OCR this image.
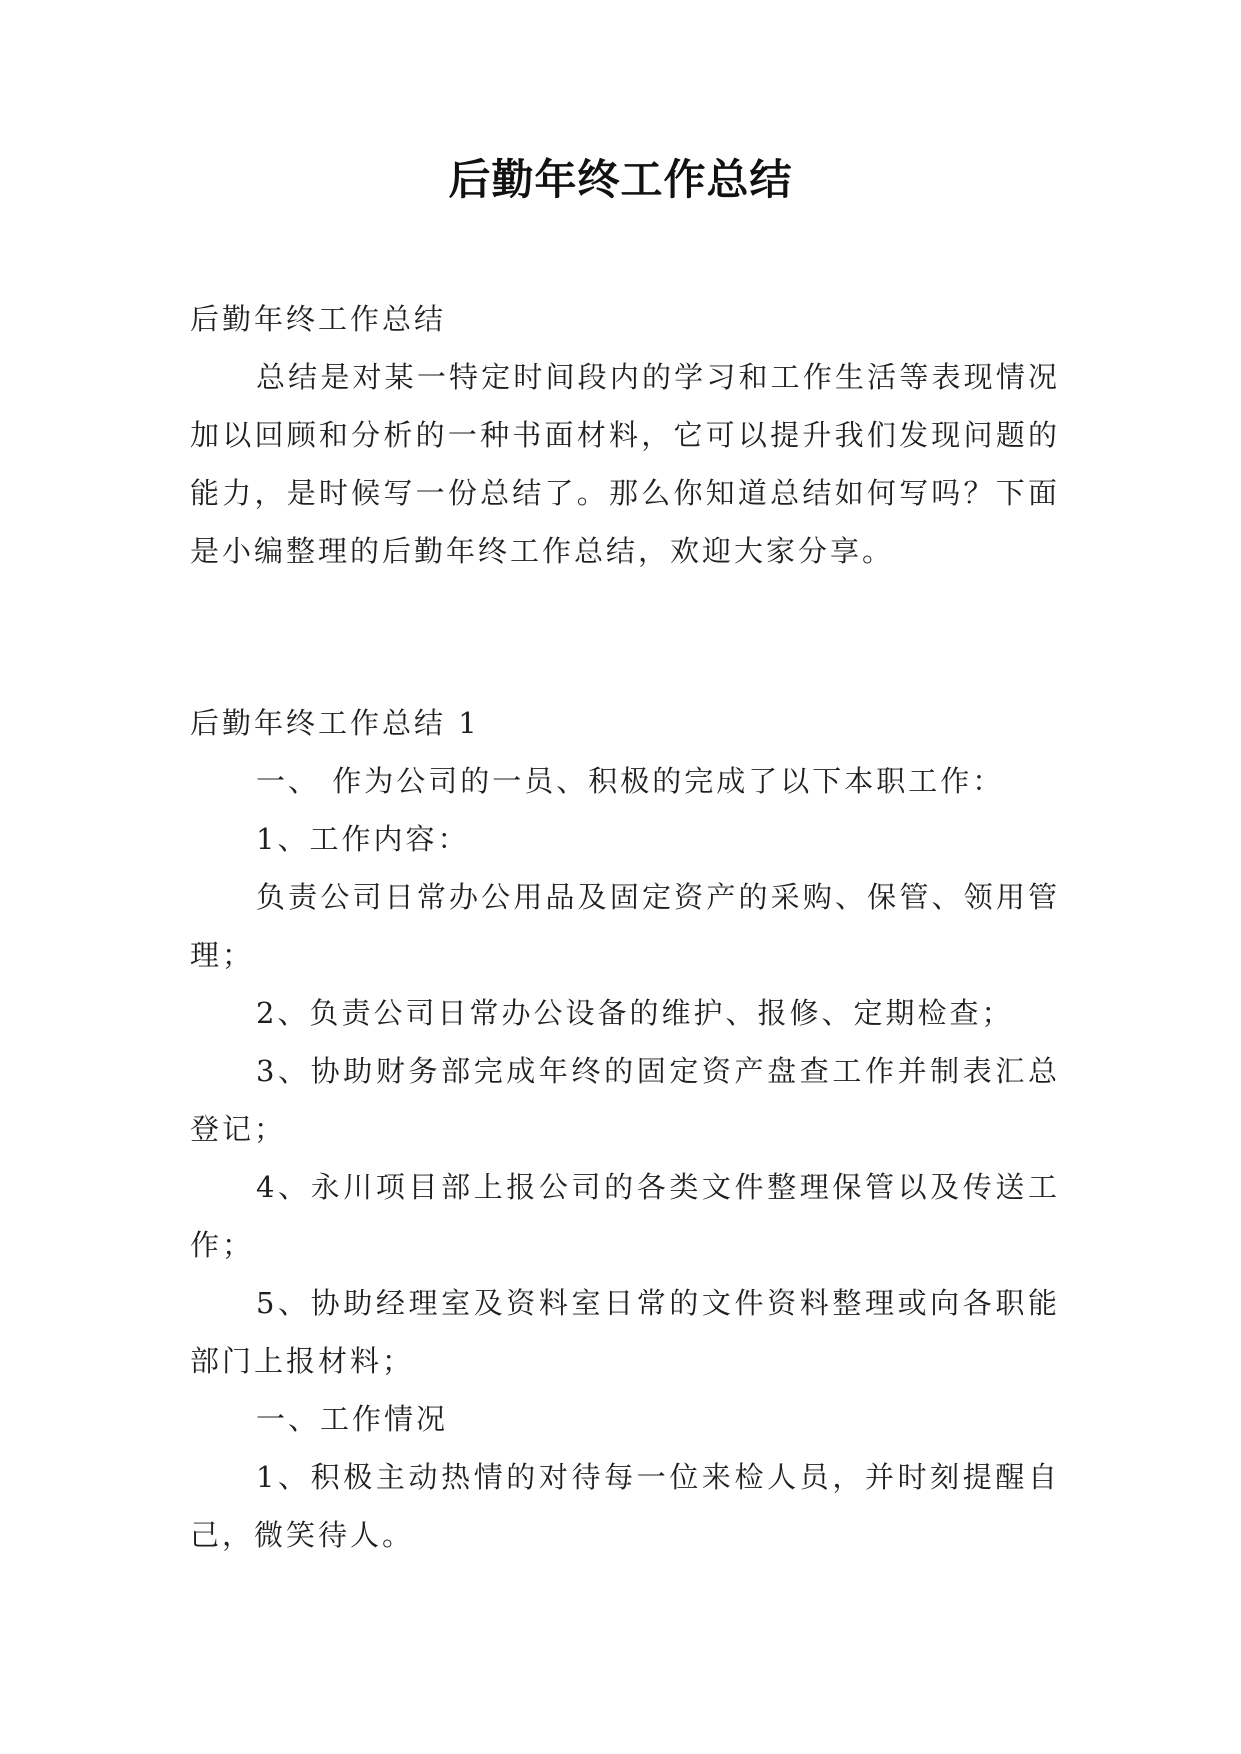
后勤年终工作总结

后勤年终工作总结

总结是对某一特定时间段内的学习和工作生活等表现情况加以回顾和分析的一种书面材料，它可以提升我们发现问题的能力，是时候写一份总结了。那么你知道总结如何写吗？下面是小编整理的后勤年终工作总结，欢迎大家分享。

后勤年终工作总结 1

一、 作为公司的一员、积极的完成了以下本职工作：

1、工作内容：

负责公司日常办公用品及固定资产的采购、保管、领用管理；

2、负责公司日常办公设备的维护、报修、定期检查；

3、协助财务部完成年终的固定资产盘查工作并制表汇总登记；

4、永川项目部上报公司的各类文件整理保管以及传送工作；

5、协助经理室及资料室日常的文件资料整理或向各职能部门上报材料；

一、工作情况

1、积极主动热情的对待每一位来检人员，并时刻提醒自己，微笑待人。
